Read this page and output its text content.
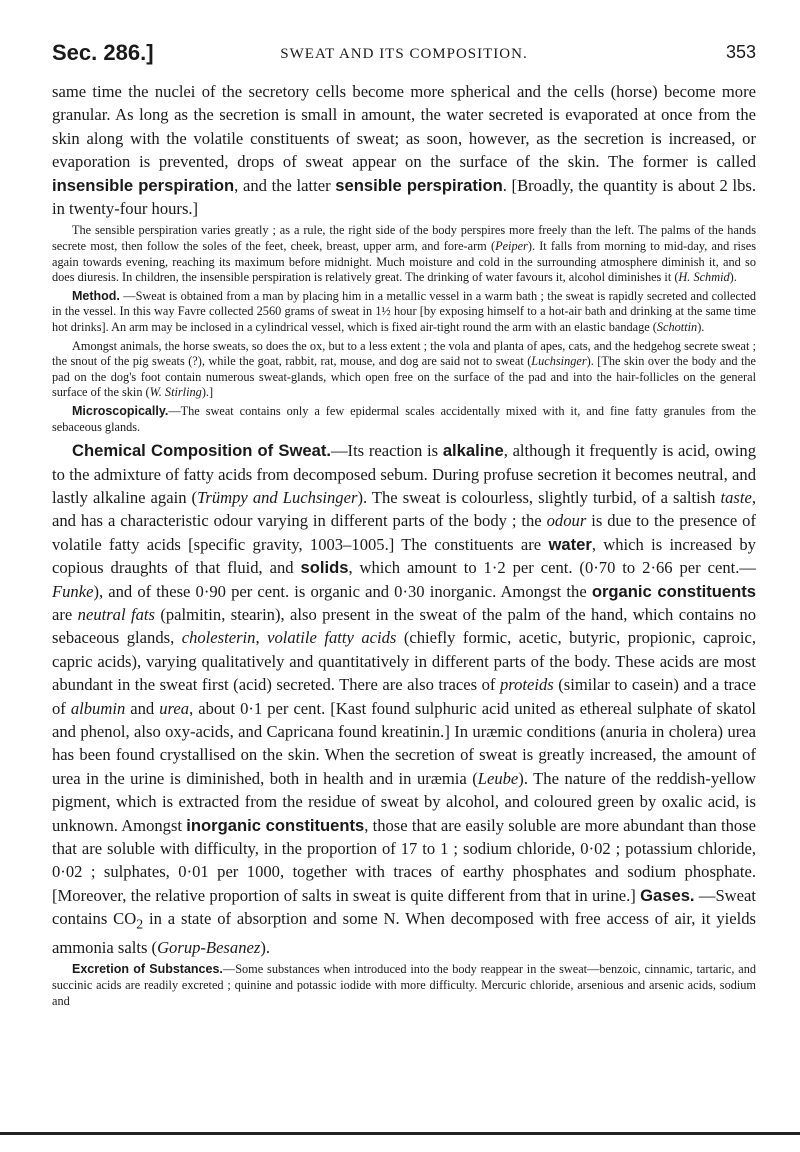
Sec. 286.]	SWEAT AND ITS COMPOSITION.	353

same time the nuclei of the secretory cells become more spherical and the cells (horse) become more granular. As long as the secretion is small in amount, the water secreted is evaporated at once from the skin along with the volatile constituents of sweat; as soon, however, as the secretion is increased, or evaporation is prevented, drops of sweat appear on the surface of the skin. The former is called insensible perspiration, and the latter sensible perspiration. [Broadly, the quantity is about 2 lbs. in twenty-four hours.]

The sensible perspiration varies greatly ; as a rule, the right side of the body perspires more freely than the left. The palms of the hands secrete most, then follow the soles of the feet, cheek, breast, upper arm, and fore-arm (Peiper). It falls from morning to mid-day, and rises again towards evening, reaching its maximum before midnight. Much moisture and cold in the surrounding atmosphere diminish it, and so does diuresis. In children, the insensible perspiration is relatively great. The drinking of water favours it, alcohol diminishes it (H. Schmid).

Method. —Sweat is obtained from a man by placing him in a metallic vessel in a warm bath ; the sweat is rapidly secreted and collected in the vessel. In this way Favre collected 2560 grams of sweat in 1½ hour [by exposing himself to a hot-air bath and drinking at the same time hot drinks]. An arm may be inclosed in a cylindrical vessel, which is fixed air-tight round the arm with an elastic bandage (Schottin).

Amongst animals, the horse sweats, so does the ox, but to a less extent ; the vola and planta of apes, cats, and the hedgehog secrete sweat ; the snout of the pig sweats (?), while the goat, rabbit, rat, mouse, and dog are said not to sweat (Luchsinger). [The skin over the body and the pad on the dog's foot contain numerous sweat-glands, which open free on the surface of the pad and into the hair-follicles on the general surface of the skin (W. Stirling).]

Microscopically.—The sweat contains only a few epidermal scales accidentally mixed with it, and fine fatty granules from the sebaceous glands.

Chemical Composition of Sweat.—Its reaction is alkaline, although it frequently is acid, owing to the admixture of fatty acids from decomposed sebum. During profuse secretion it becomes neutral, and lastly alkaline again (Trümpy and Luchsinger). The sweat is colourless, slightly turbid, of a saltish taste, and has a characteristic odour varying in different parts of the body ; the odour is due to the presence of volatile fatty acids [specific gravity, 1003–1005.] The constituents are water, which is increased by copious draughts of that fluid, and solids, which amount to 1·2 per cent. (0·70 to 2·66 per cent.—Funke), and of these 0·90 per cent. is organic and 0·30 inorganic. Amongst the organic constituents are neutral fats (palmitin, stearin), also present in the sweat of the palm of the hand, which contains no sebaceous glands, cholesterin, volatile fatty acids (chiefly formic, acetic, butyric, propionic, caproic, capric acids), varying qualitatively and quantitatively in different parts of the body. These acids are most abundant in the sweat first (acid) secreted. There are also traces of proteids (similar to casein) and a trace of albumin and urea, about 0·1 per cent. [Kast found sulphuric acid united as ethereal sulphate of skatol and phenol, also oxy-acids, and Capricana found kreatinin.] In uræmic conditions (anuria in cholera) urea has been found crystallised on the skin. When the secretion of sweat is greatly increased, the amount of urea in the urine is diminished, both in health and in uræmia (Leube). The nature of the reddish-yellow pigment, which is extracted from the residue of sweat by alcohol, and coloured green by oxalic acid, is unknown. Amongst inorganic constituents, those that are easily soluble are more abundant than those that are soluble with difficulty, in the proportion of 17 to 1 ; sodium chloride, 0·02 ; potassium chloride, 0·02 ; sulphates, 0·01 per 1000, together with traces of earthy phosphates and sodium phosphate. [Moreover, the relative proportion of salts in sweat is quite different from that in urine.] Gases. —Sweat contains $CO_2$ in a state of absorption and some N. When decomposed with free access of air, it yields ammonia salts (Gorup-Besanez).

Excretion of Substances.—Some substances when introduced into the body reappear in the sweat—benzoic, cinnamic, tartaric, and succinic acids are readily excreted ; quinine and potassic iodide with more difficulty. Mercuric chloride, arsenious and arsenic acids, sodium and
